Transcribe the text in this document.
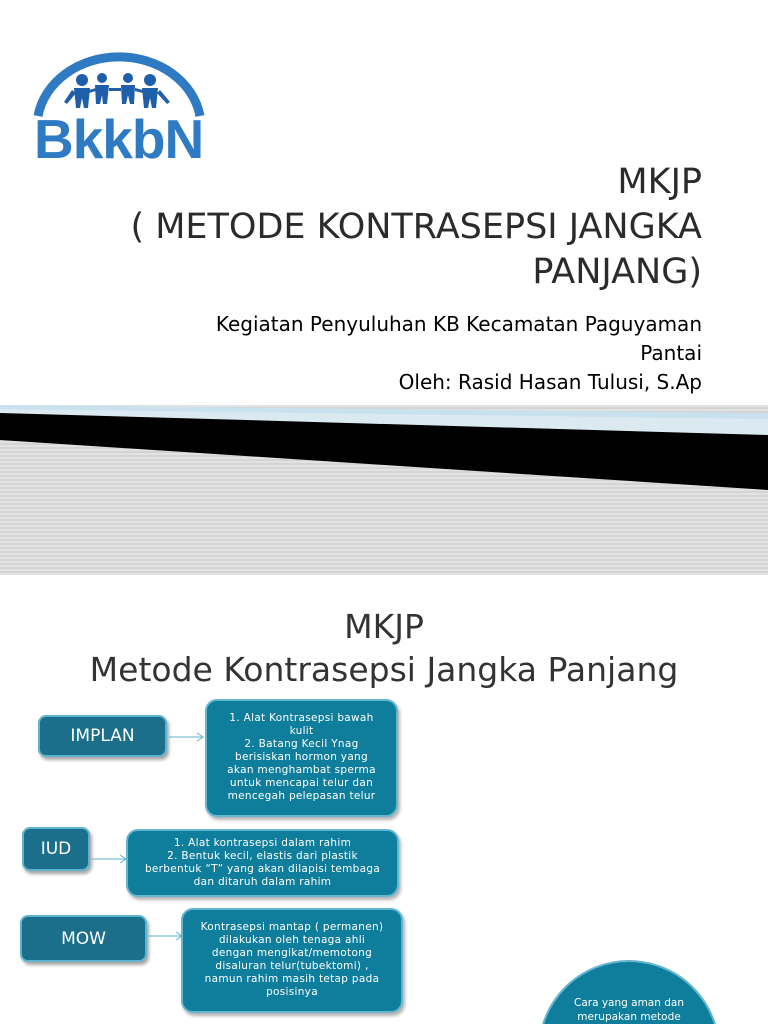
BkkbN
MKJP
( METODE KONTRASEPSI JANGKA
PANJANG)
Kegiatan Penyuluhan KB Kecamatan Paguyaman
Pantai
Oleh: Rasid Hasan Tulusi, S.Ap
MKJP
Metode Kontrasepsi Jangka Panjang
IMPLAN
1. Alat Kontrasepsi bawah
kulit
2. Batang Kecil Ynag
berisiskan hormon yang
akan menghambat sperma
untuk mencapai telur dan
mencegah pelepasan telur
IUD	1. Alat kontrasepsi dalam rahim
2. Bentuk kecil, elastis dari plastik
berbentuk “T” yang akan dilapisi tembaga
dan ditaruh dalam rahim
MOW
Kontrasepsi mantap ( permanen)
dilakukan oleh tenaga ahli
dengan mengikat/memotong
disaluran telur(tubektomi) ,
namun rahim masih tetap pada
posisinya
Cara yang aman dan
merupakan metode
